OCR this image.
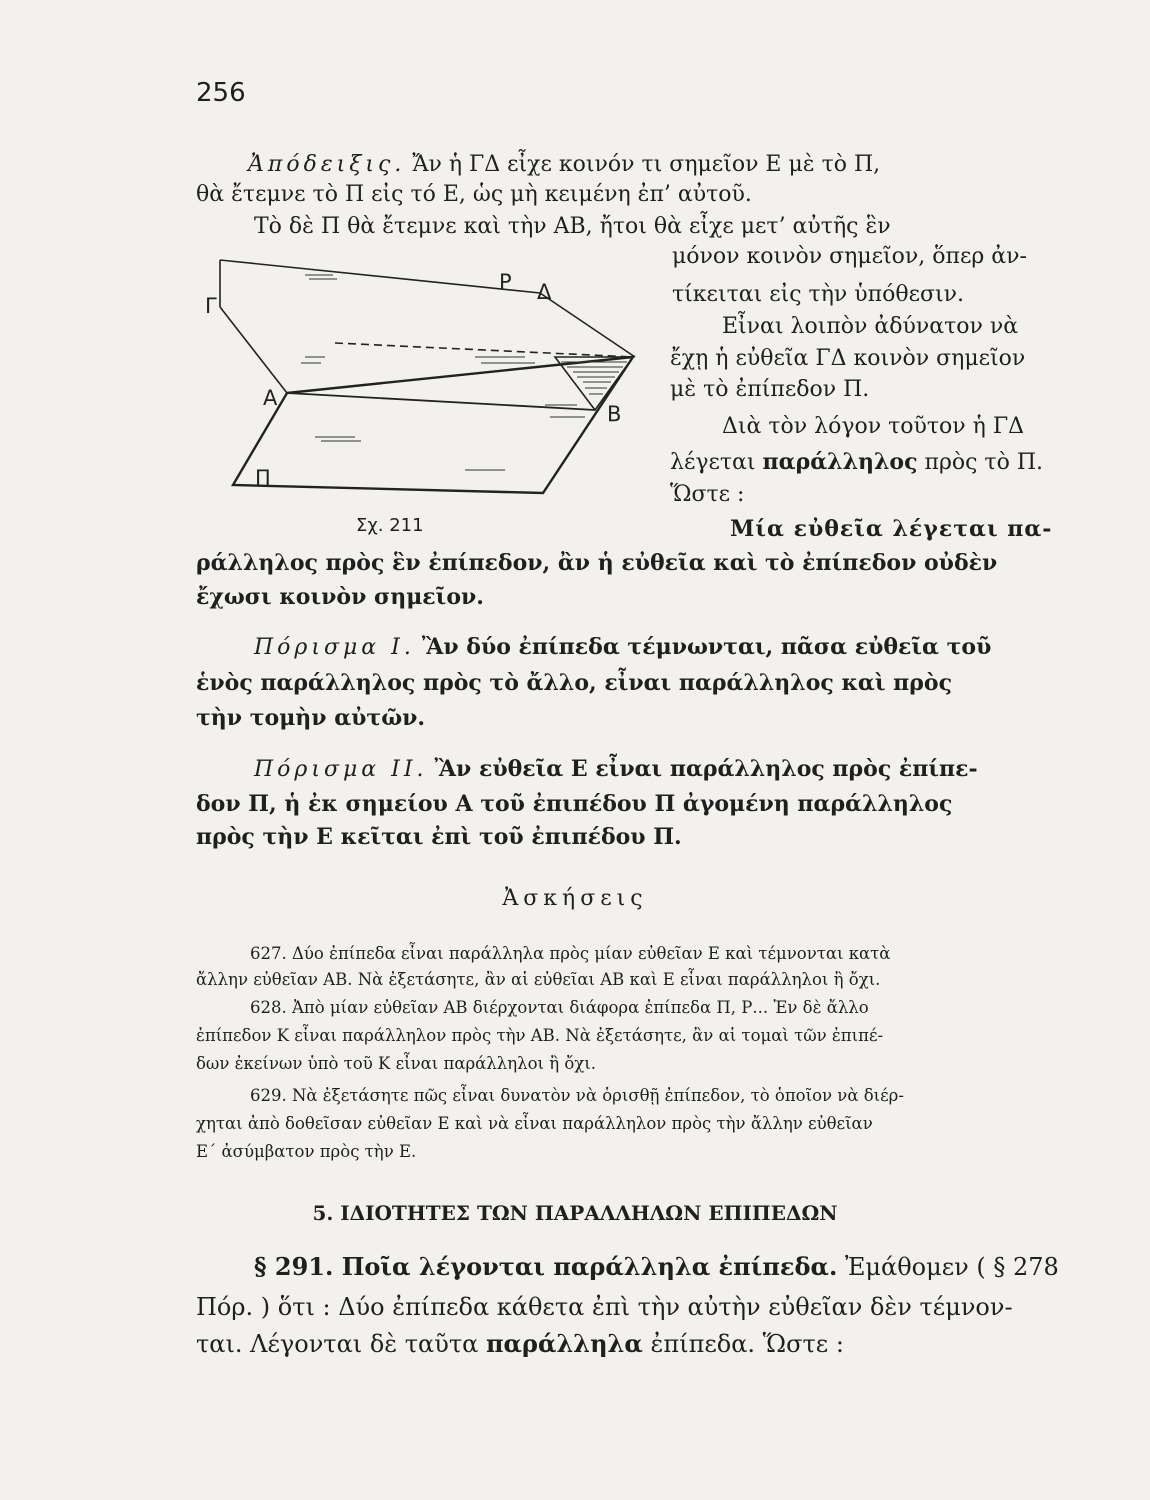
256
Ἀπόδειξις. Ἄν ἡ ΓΔ εἶχε κοινόν τι σημεῖον Ε μὲ τὸ Π,
θὰ ἔτεμνε τὸ Π εἰς τό Ε, ὡς μὴ κειμένη ἐπ’ αὐτοῦ.
Τὸ δὲ Π θὰ ἔτεμνε καὶ τὴν ΑΒ, ἤτοι θὰ εἶχε μετ’ αὐτῆς ἓν
μόνον κοινὸν σημεῖον, ὅπερ ἀν-
τίκειται εἰς τὴν ὑπόθεσιν.
Εἶναι λοιπὸν ἀδύνατον νὰ
ἔχῃ ἡ εὐθεῖα ΓΔ κοινὸν σημεῖον
μὲ τὸ ἐπίπεδον Π.
Διὰ τὸν λόγον τοῦτον ἡ ΓΔ
λέγεται παράλληλος πρὸς τὸ Π.
Ὥστε :
Ρ Δ
Γ
Α
Β
Π
Σχ. 211	Μία εὐθεῖα λέγεται πα-
ράλληλος πρὸς ἓν ἐπίπεδον, ἂν ἡ εὐθεῖα καὶ τὸ ἐπίπεδον οὐδὲν
ἔχωσι κοινὸν σημεῖον.
Πόρισμα Ι. Ἂν δύο ἐπίπεδα τέμνωνται, πᾶσα εὐθεῖα τοῦ
ἑνὸς παράλληλος πρὸς τὸ ἄλλο, εἶναι παράλληλος καὶ πρὸς
τὴν τομὴν αὐτῶν.
Πόρισμα ΙΙ. Ἂν εὐθεῖα Ε εἶναι παράλληλος πρὸς ἐπίπε-
δον Π, ἡ ἐκ σημείου Α τοῦ ἐπιπέδου Π ἀγομένη παράλληλος
πρὸς τὴν Ε κεῖται ἐπὶ τοῦ ἐπιπέδου Π.
Ἀσκήσεις
627. Δύο ἐπίπεδα εἶναι παράλληλα πρὸς μίαν εὐθεῖαν Ε καὶ τέμνονται κατὰ
ἄλλην εὐθεῖαν ΑΒ. Νὰ ἐξετάσητε, ἂν αἱ εὐθεῖαι ΑΒ καὶ Ε εἶναι παράλληλοι ἢ ὄχι.
628. Ἀπὸ μίαν εὐθεῖαν ΑΒ διέρχονται διάφορα ἐπίπεδα Π, Ρ... Ἐν δὲ ἄλλο
ἐπίπεδον Κ εἶναι παράλληλον πρὸς τὴν ΑΒ. Νὰ ἐξετάσητε, ἂν αἱ τομαὶ τῶν ἐπιπέ-
δων ἐκείνων ὑπὸ τοῦ Κ εἶναι παράλληλοι ἢ ὄχι.
629. Νὰ ἐξετάσητε πῶς εἶναι δυνατὸν νὰ ὁρισθῇ ἐπίπεδον, τὸ ὁποῖον νὰ διέρ-
χηται ἀπὸ δοθεῖσαν εὐθεῖαν Ε καὶ νὰ εἶναι παράλληλον πρὸς τὴν ἄλλην εὐθεῖαν
Ε΄ ἀσύμβατον πρὸς τὴν Ε.
5. ΙΔΙΟΤΗΤΕΣ ΤΩΝ ΠΑΡΑΛΛΗΛΩΝ ΕΠΙΠΕΔΩΝ
§ 291. Ποῖα λέγονται παράλληλα ἐπίπεδα. Ἐμάθομεν ( § 278
Πόρ. ) ὅτι : Δύο ἐπίπεδα κάθετα ἐπὶ τὴν αὐτὴν εὐθεῖαν δὲν τέμνον-
ται. Λέγονται δὲ ταῦτα παράλληλα ἐπίπεδα. Ὥστε :
